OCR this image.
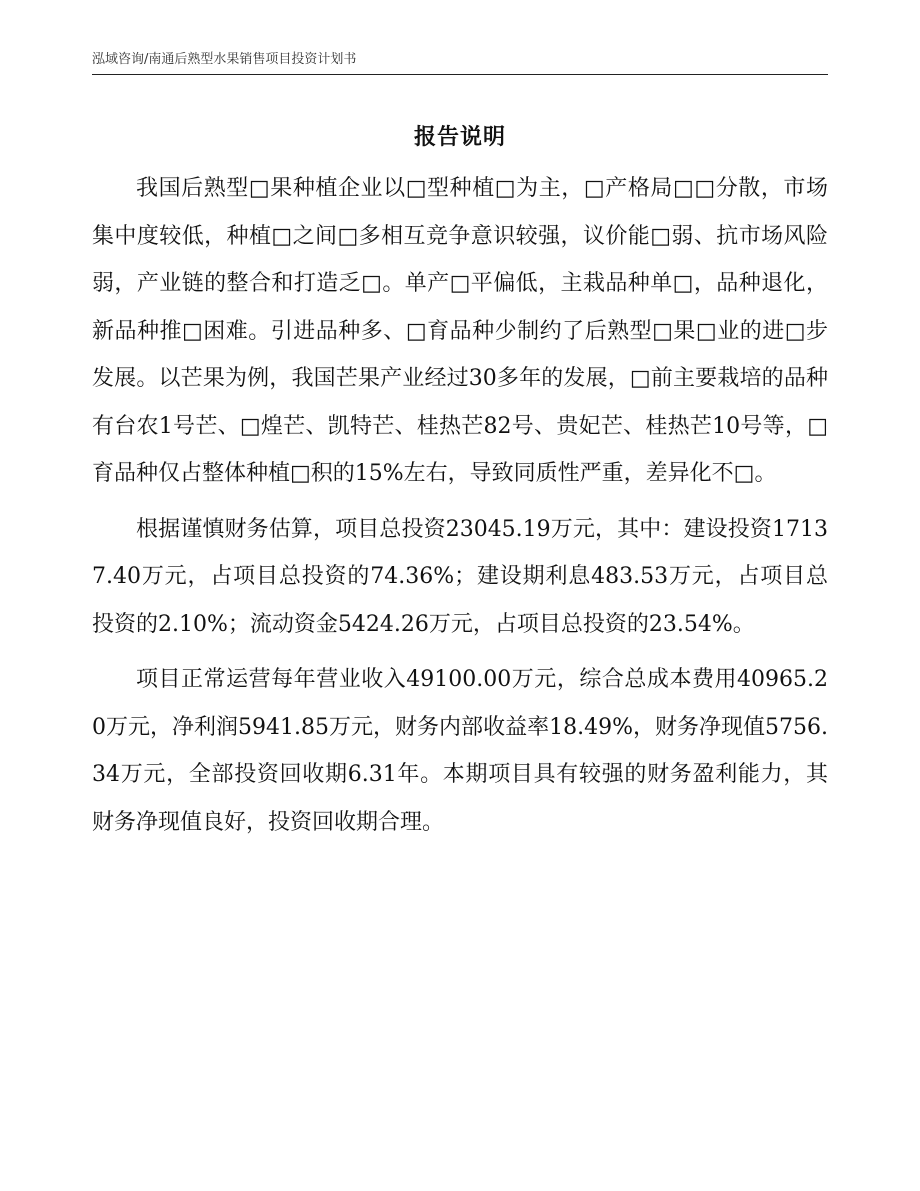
泓域咨询/南通后熟型水果销售项目投资计划书
报告说明

我国后熟型□果种植企业以□型种植□为主，□产格局□□分散，市场集中度较低，种植□之间□多相互竞争意识较强，议价能□弱、抗市场风险弱，产业链的整合和打造乏□。单产□平偏低，主栽品种单□，品种退化，新品种推□困难。引进品种多、□育品种少制约了后熟型□果□业的进□步发展。以芒果为例，我国芒果产业经过30多年的发展，□前主要栽培的品种有台农1号芒、□煌芒、凯特芒、桂热芒82号、贵妃芒、桂热芒10号等，□育品种仅占整体种植□积的15%左右，导致同质性严重，差异化不□。

根据谨慎财务估算，项目总投资23045.19万元，其中：建设投资17137.40万元，占项目总投资的74.36%；建设期利息483.53万元，占项目总投资的2.10%；流动资金5424.26万元，占项目总投资的23.54%。

项目正常运营每年营业收入49100.00万元，综合总成本费用40965.20万元，净利润5941.85万元，财务内部收益率18.49%，财务净现值5756.34万元，全部投资回收期6.31年。本期项目具有较强的财务盈利能力，其财务净现值良好，投资回收期合理。
